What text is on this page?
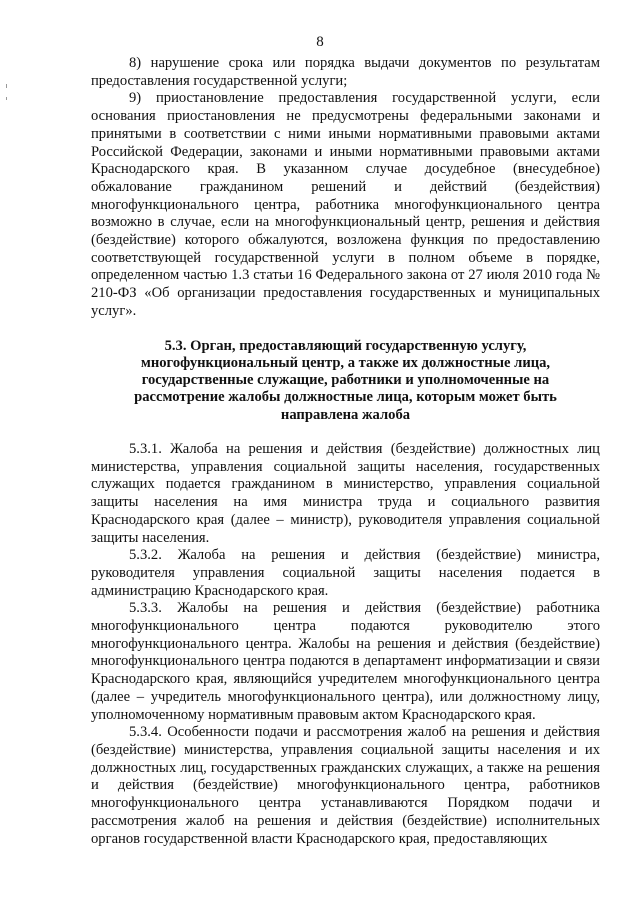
8

8) нарушение срока или порядка выдачи документов по результатам предоставления государственной услуги;

9) приостановление предоставления государственной услуги, если основания приостановления не предусмотрены федеральными законами и принятыми в соответствии с ними иными нормативными правовыми актами Российской Федерации, законами и иными нормативными правовыми актами Краснодарского края. В указанном случае досудебное (внесудебное) обжалование гражданином решений и действий (бездействия) многофункционального центра, работника многофункционального центра возможно в случае, если на многофункциональный центр, решения и действия (бездействие) которого обжалуются, возложена функция по предоставлению соответствующей государственной услуги в полном объеме в порядке, определенном частью 1.3 статьи 16 Федерального закона от 27 июля 2010 года № 210-ФЗ «Об организации предоставления государственных и муниципальных услуг».

5.3. Орган, предоставляющий государственную услугу, многофункциональный центр, а также их должностные лица, государственные служащие, работники и уполномоченные на рассмотрение жалобы должностные лица, которым может быть направлена жалоба

5.3.1. Жалоба на решения и действия (бездействие) должностных лиц министерства, управления социальной защиты населения, государственных служащих подается гражданином в министерство, управления социальной защиты населения на имя министра труда и социального развития Краснодарского края (далее – министр), руководителя управления социальной защиты населения.

5.3.2. Жалоба на решения и действия (бездействие) министра, руководителя управления социальной защиты населения подается в администрацию Краснодарского края.

5.3.3. Жалобы на решения и действия (бездействие) работника многофункционального центра подаются руководителю этого многофункционального центра. Жалобы на решения и действия (бездействие) многофункционального центра подаются в департамент информатизации и связи Краснодарского края, являющийся учредителем многофункционального центра (далее – учредитель многофункционального центра), или должностному лицу, уполномоченному нормативным правовым актом Краснодарского края.

5.3.4. Особенности подачи и рассмотрения жалоб на решения и действия (бездействие) министерства, управления социальной защиты населения и их должностных лиц, государственных гражданских служащих, а также на решения и действия (бездействие) многофункционального центра, работников многофункционального центра устанавливаются Порядком подачи и рассмотрения жалоб на решения и действия (бездействие) исполнительных органов государственной власти Краснодарского края, предоставляющих
